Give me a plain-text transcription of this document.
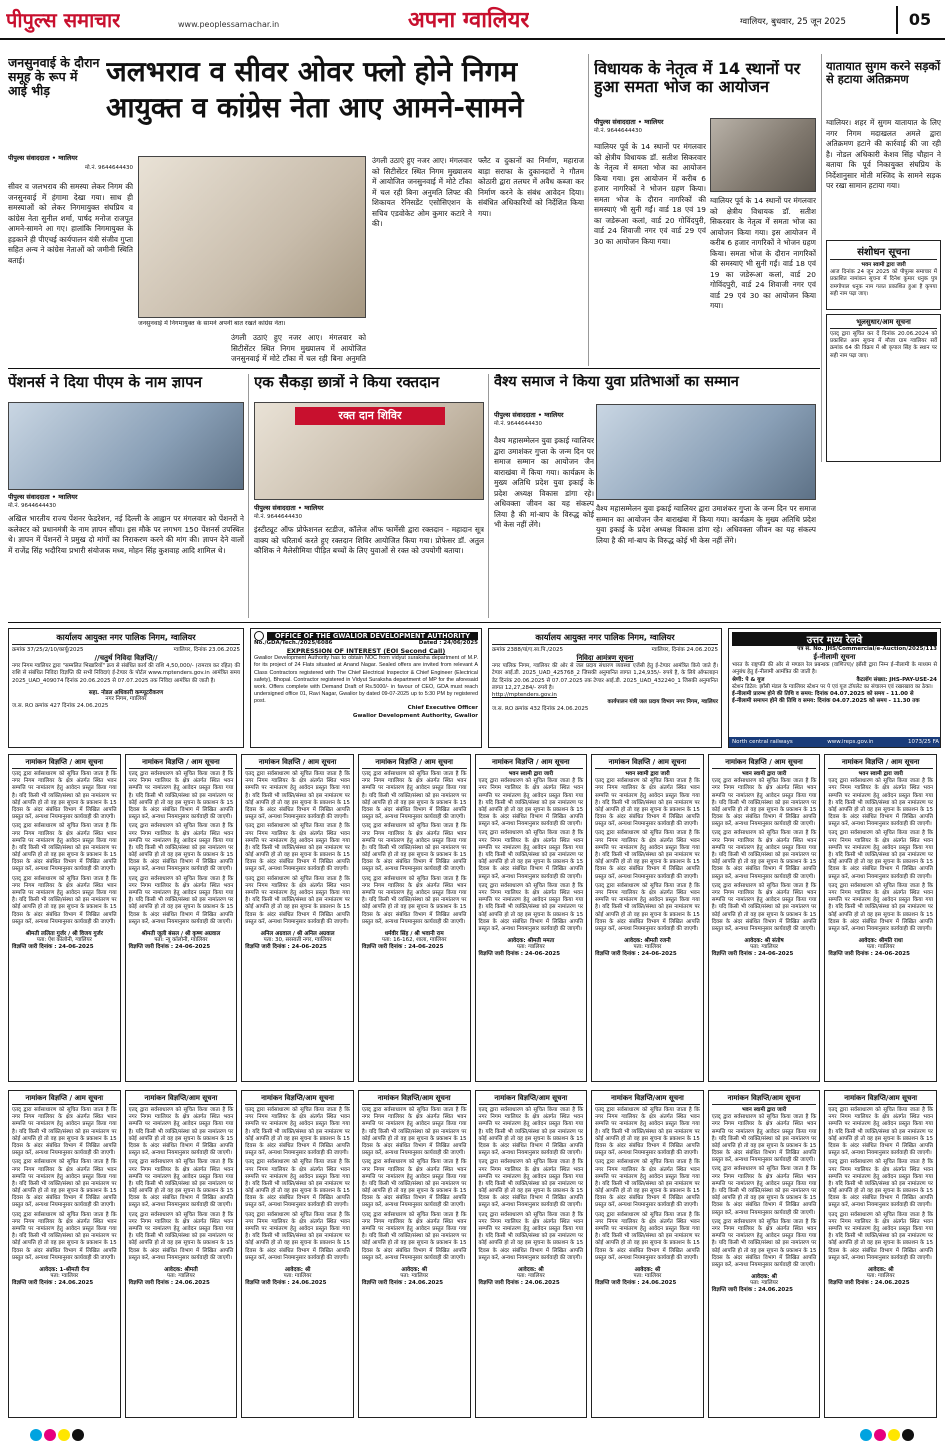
पीपुल्स समाचार	www.peoplessamachar.in	अपना ग्वालियर	ग्वालियर, बुधवार, 25 जून 2025	05
जनसुनवाई के दौरान समूह के रूप में आई भीड़
जलभराव व सीवर ओवर फ्लो होने निगम आयुक्त व कांग्रेस नेता आए आमने-सामने
पीपुल्स संवाददाता • ग्वालियर
मो.नं. 9644644430
सीवर व जलभराव की समस्या लेकर निगम की जनसुनवाई में हंगामा देखा गया। साथ ही समस्याओं को लेकर निगमायुक्त संघप्रिय व कांग्रेस नेता सुनील शर्मा, पार्षद मनोज राजपूत आमने-सामने आ गए। हालांकि निगमायुक्त के हड़काने ही पीएचई कार्यपालन यंत्री संजीव गुप्ता सहित अन्य ने कांग्रेस नेताओं को जमीनी स्थिति बताई।
जनसुनवाई में निगमायुक्त के सामने अपनी बात रखते कांग्रेस नेता।
उंगली उठाएं हुए नजर आए। मंगलवार को सिटीसेंटर स्थित निगम मुख्यालय में आयोजित जनसुनवाई में मोटे टाँका में चल रही बिना अनुमति
उंगली उठाएं हुए नजर आए। मंगलवार को सिटीसेंटर स्थित निगम मुख्यालय में आयोजित जनसुनवाई में मोटे टाँका में चल रही बिना अनुमति लिफ्ट की शिकायत रेनिसडेंट एसोसिएशन के सचिव एडवोकेट ओम कुमार कटारे ने की।
फ्लैट व दुकानों का निर्माण, महाराज बाड़ा सराफा के दुकानदारों ने गौतम कोठारी द्वारा तलघर में अवैध कब्जा कर निर्माण करने के संबंध आवेदन दिया। संबंधित अधिकारियों को निर्देशित किया गया।
विधायक के नेतृत्व में 14 स्थानों पर हुआ समता भोज का आयोजन
पीपुल्स संवाददाता • ग्वालियर
मो.नं. 9644644430
ग्वालियर पूर्व के 14 स्थानों पर मंगलवार को क्षेत्रीय विधायक डॉ. सतीश सिकरवार के नेतृत्व में समता भोज का आयोजन किया गया। इस आयोजन में करीब 6 हजार नागरिकों ने भोजन ग्रहण किया। समता भोज के दौरान नागरिकों की समस्याएं भी सुनी गईं। वार्ड 18 एवं 19 का जडेरूआ कलां, वार्ड 20 गोविंदपुरी, वार्ड 24 शिवाजी नगर एवं वार्ड 29 एवं 30 का आयोजन किया गया।
ग्वालियर पूर्व के 14 स्थानों पर मंगलवार को क्षेत्रीय विधायक डॉ. सतीश सिकरवार के नेतृत्व में समता भोज का आयोजन किया गया। इस आयोजन में करीब 6 हजार नागरिकों ने भोजन ग्रहण किया। समता भोज के दौरान नागरिकों की समस्याएं भी सुनी गईं। वार्ड 18 एवं 19 का जडेरूआ कलां, वार्ड 20 गोविंदपुरी, वार्ड 24 शिवाजी नगर एवं वार्ड 29 एवं 30 का आयोजन किया गया।
यातायात सुगम करने सड़कों से हटाया अतिक्रमण
ग्वालियर। शहर में सुगम यातायात के लिए नगर निगम मदाखलत अमले द्वारा अतिक्रमण हटाने की कार्रवाई की जा रही है। नोडल अधिकारी केशव सिंह चौहान ने बताया कि पूर्व निकायुक्त संघप्रिय के निर्देशानुसार मोती मस्जिद के सामने सड़क पर रखा सामान हटाया गया।
संशोधन सूचना
भवन स्वामी द्वारा जारी
आज दिनांक 24 जून 2025 को पीपुल्स समाचार में प्रकाशित नामांकन सूचना में दिनेश कुमार धनुक पुत्र रामगोपाल धनुक नाम गलत प्रकाशित हुआ है कृपया सही नाम पढ़ा जाए।
भूलसुधार/आम सूचना
एतद् द्वारा सूचित कर दें दिनांक 20.06.2024 को प्रकाशित आम सूचना में मौजा ग्राम ग्वालियर सर्वे क्रमांक 64 की विक्रय में श्री कृपाल सिंह के स्थान पर सही नाम पढ़ा जाए।
पेंशनर्स ने दिया पीएम के नाम ज्ञापन
पीपुल्स संवाददाता • ग्वालियर
मो.नं. 9644644430
अखिल भारतीय राज्य पेंशनर फेडरेशन, नई दिल्ली के आह्वान पर मंगलवार को पेंशनरों ने कलेक्टर को प्रधानमंत्री के नाम ज्ञापन सौंपा। इस मौके पर लगभग 150 पेंशनर्स उपस्थित थे। ज्ञापन में पेंशनरों ने प्रमुख दो मांगों का निराकरण करने की मांग की। ज्ञापन देने वालों में राजेंद्र सिंह भदौरिया प्रभारी संयोजक मध्य, मोहन सिंह कुशवाह आदि शामिल थे।
एक सैकड़ा छात्रों ने किया रक्तदान
रक्त दान शिविर
पीपुल्स संवाददाता • ग्वालियर
मो.नं. 9644644430
इंस्टीट्यूट ऑफ प्रोफेशनल स्टडीज, कॉलेज ऑफ फार्मेसी द्वारा रक्तदान - महादान सूत्र वाक्य को चरितार्थ करते हुए रक्तदान शिविर आयोजित किया गया। प्रोफेसर डॉ. अतुल कौशिक ने मैलेसीमिया पीड़ित बच्चों के लिए युवाओं से रक्त को उपयोगी बताया।
वैश्य समाज ने किया युवा प्रतिभाओं का सम्मान
पीपुल्स संवाददाता • ग्वालियर
मो.नं. 9644644430
वैश्य महासम्मेलन युवा इकाई ग्वालियर द्वारा उमाशंकर गुप्ता के जन्म दिन पर समाज सम्मान का आयोजन जैन बाराखंबा में किया गया। कार्यक्रम के मुख्य अतिथि प्रदेश युवा इकाई के प्रदेश अध्यक्ष विकास डांगा रहे। अधिवक्ता जीवन का यह संकल्प लिया है की मां-बाप के विरुद्ध कोई भी केस नहीं लेंगे।
वैश्य महासम्मेलन युवा इकाई ग्वालियर द्वारा उमाशंकर गुप्ता के जन्म दिन पर समाज सम्मान का आयोजन जैन बाराखंबा में किया गया। कार्यक्रम के मुख्य अतिथि प्रदेश युवा इकाई के प्रदेश अध्यक्ष विकास डांगा रहे। अधिवक्ता जीवन का यह संकल्प लिया है की मां-बाप के विरुद्ध कोई भी केस नहीं लेंगे।
कार्यालय आयुक्त नगर पालिक निगम, ग्वालियर
क्रमांक 37/25/2/10/कार्यू/2025	ग्वालियर, दिनांक 23.06.2025
//चतुर्थ निविदा विज्ञप्ति//
नगर निगम ग्वालियर द्वारा "सम्मलित भिखारियों" क्रय से संबंधित कार्य की राशि 4,50,000/- (रामरात्र कर रहित) की राशि से संबंधित निविदा विज्ञप्ति की सभी निविदाएं ई-टेण्डर के पोर्टल www.mptenders.gov.in आमंत्रित समय 2025_UAD_409074 दिनांक 20.06.2025 से 07.07.2025 तक निविदा आमंत्रित की जाती है।
सहा. नोडल अधिकारी कम्प्यूटरीकरण
नगर निगम, ग्वालियर
ज.स. RO क्रमांक 427 दिनांक 24.06.2025
OFFICE OF THE GWALIOR DEVELOPMENT AUTHORITY
No./GDA/Tech./2025/6086	Dated : 24/06/2025
EXPRESSION OF INTEREST (EOI Second Call)
Gwalior Development Authority has to obtain NOC from vidyut suraksha department of M.P. for its project of 24 Flats situated at Anand Nagar. Sealed offers are invited from relevant A Class Contractors registered with The Chief Electrical Inspector & Chief Engineer (Electrical safety), Bhopal. Contractor registered in Vidyut Suraksha department of MP for the aforesaid work. Offers complete with Demand Draft of Rs.5000/- in favour of CEO, GDA must reach undersigned office 01, Ravi Nagar, Gwalior by dated 09-07-2025 up to 5:30 PM by registered post.
Chief Executive Officer
Gwalior Development Authority, Gwalior
कार्यालय आयुक्त नगर पालिक निगम, ग्वालियर
क्रमांक 2388/यां/ए.सा.पि./2025	ग्वालियर, दिनांक 24.06.2025
निविदा आमंत्रण सूचना
नगर पालिक निगम, ग्वालियर की ओर से जल प्रदाय संधारण व्यवस्था एजेंसी हेतु ई-टेण्डर आमंत्रित किये जाते हैं। टेण्डर आई.डी. 2025_UAD_425768_2 जिसकी अनुमानित लागत 1,24,935/- रुपये है, के लिये ऑफलाइन डेट दिनांक 20.06.2025 से 07.07.2025 तक टेण्डर आई.डी. 2025_UAD_432240_1 जिसकी अनुमानित लागत 12,27,284/- रुपये है।
http://mptenders.gov.in
कार्यपालन यंत्री जल प्रदाय विभाग नगर निगम, ग्वालियर
ज.स. RO क्रमांक 432 दिनांक 24.06.2025
उत्तर मध्य रेलवे
पत्र सं. No. JHS/Commercial/e-Auction/2025/113
ई-नीलामी सूचना
भारत के राष्ट्रपति की ओर से मण्डल रेल प्रबन्धक (वाणिज्य)/ झाँसी द्वारा निम्न ई-नीलामी के माध्यम से अनुबंध हेतु ई-नीलामी आमंत्रित की जाती है।
श्रेणी: पे & यूज	कैटलॉग संख्या: JHS-PAY-USE-24
स्टेशन डिटेल: झाँसी मंडल के ग्वालियर स्टेशन पर पे एवं यूज टॉयलेट का संचालन एवं रखरखाव का ठेका।
ई-नीलामी प्रारम्भ होने की तिथि व समय: दिनांक 04.07.2025 को समय - 11.00 से
ई-नीलामी समापन होने की तिथि व समय: दिनांक 04.07.2025 को समय - 11.30 तक
North central railways	www.ireps.gov.in	1073/25 FA
नामांकन विज्ञप्ति / आम सूचना
एतद् द्वारा सर्वसाधारण को सूचित किया जाता है कि नगर निगम ग्वालियर के क्षेत्र अंतर्गत स्थित भवन सम्पत्ति पर नामांतरण हेतु आवेदन प्रस्तुत किया गया है। यदि किसी भी व्यक्ति/संस्था को इस नामांतरण पर कोई आपत्ति हो तो वह इस सूचना के प्रकाशन के 15 दिवस के अंदर संबंधित विभाग में लिखित आपत्ति प्रस्तुत करें, अन्यथा नियमानुसार कार्यवाही की जाएगी।
एतद् द्वारा सर्वसाधारण को सूचित किया जाता है कि नगर निगम ग्वालियर के क्षेत्र अंतर्गत स्थित भवन सम्पत्ति पर नामांतरण हेतु आवेदन प्रस्तुत किया गया है। यदि किसी भी व्यक्ति/संस्था को इस नामांतरण पर कोई आपत्ति हो तो वह इस सूचना के प्रकाशन के 15 दिवस के अंदर संबंधित विभाग में लिखित आपत्ति प्रस्तुत करें, अन्यथा नियमानुसार कार्यवाही की जाएगी।
एतद् द्वारा सर्वसाधारण को सूचित किया जाता है कि नगर निगम ग्वालियर के क्षेत्र अंतर्गत स्थित भवन सम्पत्ति पर नामांतरण हेतु आवेदन प्रस्तुत किया गया है। यदि किसी भी व्यक्ति/संस्था को इस नामांतरण पर कोई आपत्ति हो तो वह इस सूचना के प्रकाशन के 15 दिवस के अंदर संबंधित विभाग में लिखित आपत्ति प्रस्तुत करें, अन्यथा नियमानुसार कार्यवाही की जाएगी।
श्रीमती ललिता गुर्जर / श्री विजय गुर्जर
पता: ऐश कॉलोनी, ग्वालियर
विज्ञप्ति जारी दिनांक : 24-06-2025
नामांकन विज्ञप्ति / आम सूचना
एतद् द्वारा सर्वसाधारण को सूचित किया जाता है कि नगर निगम ग्वालियर के क्षेत्र अंतर्गत स्थित भवन सम्पत्ति पर नामांतरण हेतु आवेदन प्रस्तुत किया गया है। यदि किसी भी व्यक्ति/संस्था को इस नामांतरण पर कोई आपत्ति हो तो वह इस सूचना के प्रकाशन के 15 दिवस के अंदर संबंधित विभाग में लिखित आपत्ति प्रस्तुत करें, अन्यथा नियमानुसार कार्यवाही की जाएगी।
एतद् द्वारा सर्वसाधारण को सूचित किया जाता है कि नगर निगम ग्वालियर के क्षेत्र अंतर्गत स्थित भवन सम्पत्ति पर नामांतरण हेतु आवेदन प्रस्तुत किया गया है। यदि किसी भी व्यक्ति/संस्था को इस नामांतरण पर कोई आपत्ति हो तो वह इस सूचना के प्रकाशन के 15 दिवस के अंदर संबंधित विभाग में लिखित आपत्ति प्रस्तुत करें, अन्यथा नियमानुसार कार्यवाही की जाएगी।
एतद् द्वारा सर्वसाधारण को सूचित किया जाता है कि नगर निगम ग्वालियर के क्षेत्र अंतर्गत स्थित भवन सम्पत्ति पर नामांतरण हेतु आवेदन प्रस्तुत किया गया है। यदि किसी भी व्यक्ति/संस्था को इस नामांतरण पर कोई आपत्ति हो तो वह इस सूचना के प्रकाशन के 15 दिवस के अंदर संबंधित विभाग में लिखित आपत्ति प्रस्तुत करें, अन्यथा नियमानुसार कार्यवाही की जाएगी।
श्रीमती जूली बंसल / श्री कृष्ण अग्रवाल
पता: न्यू कॉलोनी, ग्वालियर
विज्ञप्ति जारी दिनांक : 24-06-2025
नामांकन विज्ञप्ति / आम सूचना
एतद् द्वारा सर्वसाधारण को सूचित किया जाता है कि नगर निगम ग्वालियर के क्षेत्र अंतर्गत स्थित भवन सम्पत्ति पर नामांतरण हेतु आवेदन प्रस्तुत किया गया है। यदि किसी भी व्यक्ति/संस्था को इस नामांतरण पर कोई आपत्ति हो तो वह इस सूचना के प्रकाशन के 15 दिवस के अंदर संबंधित विभाग में लिखित आपत्ति प्रस्तुत करें, अन्यथा नियमानुसार कार्यवाही की जाएगी।
एतद् द्वारा सर्वसाधारण को सूचित किया जाता है कि नगर निगम ग्वालियर के क्षेत्र अंतर्गत स्थित भवन सम्पत्ति पर नामांतरण हेतु आवेदन प्रस्तुत किया गया है। यदि किसी भी व्यक्ति/संस्था को इस नामांतरण पर कोई आपत्ति हो तो वह इस सूचना के प्रकाशन के 15 दिवस के अंदर संबंधित विभाग में लिखित आपत्ति प्रस्तुत करें, अन्यथा नियमानुसार कार्यवाही की जाएगी।
एतद् द्वारा सर्वसाधारण को सूचित किया जाता है कि नगर निगम ग्वालियर के क्षेत्र अंतर्गत स्थित भवन सम्पत्ति पर नामांतरण हेतु आवेदन प्रस्तुत किया गया है। यदि किसी भी व्यक्ति/संस्था को इस नामांतरण पर कोई आपत्ति हो तो वह इस सूचना के प्रकाशन के 15 दिवस के अंदर संबंधित विभाग में लिखित आपत्ति प्रस्तुत करें, अन्यथा नियमानुसार कार्यवाही की जाएगी।
अनिल अग्रवाल / श्री अनिल अग्रवाल
पता: 30, सरस्वती नगर, ग्वालियर
विज्ञप्ति जारी दिनांक : 24-06-2025
नामांकन विज्ञप्ति / आम सूचना
एतद् द्वारा सर्वसाधारण को सूचित किया जाता है कि नगर निगम ग्वालियर के क्षेत्र अंतर्गत स्थित भवन सम्पत्ति पर नामांतरण हेतु आवेदन प्रस्तुत किया गया है। यदि किसी भी व्यक्ति/संस्था को इस नामांतरण पर कोई आपत्ति हो तो वह इस सूचना के प्रकाशन के 15 दिवस के अंदर संबंधित विभाग में लिखित आपत्ति प्रस्तुत करें, अन्यथा नियमानुसार कार्यवाही की जाएगी।
एतद् द्वारा सर्वसाधारण को सूचित किया जाता है कि नगर निगम ग्वालियर के क्षेत्र अंतर्गत स्थित भवन सम्पत्ति पर नामांतरण हेतु आवेदन प्रस्तुत किया गया है। यदि किसी भी व्यक्ति/संस्था को इस नामांतरण पर कोई आपत्ति हो तो वह इस सूचना के प्रकाशन के 15 दिवस के अंदर संबंधित विभाग में लिखित आपत्ति प्रस्तुत करें, अन्यथा नियमानुसार कार्यवाही की जाएगी।
एतद् द्वारा सर्वसाधारण को सूचित किया जाता है कि नगर निगम ग्वालियर के क्षेत्र अंतर्गत स्थित भवन सम्पत्ति पर नामांतरण हेतु आवेदन प्रस्तुत किया गया है। यदि किसी भी व्यक्ति/संस्था को इस नामांतरण पर कोई आपत्ति हो तो वह इस सूचना के प्रकाशन के 15 दिवस के अंदर संबंधित विभाग में लिखित आपत्ति प्रस्तुत करें, अन्यथा नियमानुसार कार्यवाही की जाएगी।
धर्मवीर सिंह / श्री भवानी राम
पता: 16-162, शाला, ग्वालियर
विज्ञप्ति जारी दिनांक : 24-06-2025
नामांकन विज्ञप्ति / आम सूचना
भवन स्वामी द्वारा जारी
एतद् द्वारा सर्वसाधारण को सूचित किया जाता है कि नगर निगम ग्वालियर के क्षेत्र अंतर्गत स्थित भवन सम्पत्ति पर नामांतरण हेतु आवेदन प्रस्तुत किया गया है। यदि किसी भी व्यक्ति/संस्था को इस नामांतरण पर कोई आपत्ति हो तो वह इस सूचना के प्रकाशन के 15 दिवस के अंदर संबंधित विभाग में लिखित आपत्ति प्रस्तुत करें, अन्यथा नियमानुसार कार्यवाही की जाएगी।
एतद् द्वारा सर्वसाधारण को सूचित किया जाता है कि नगर निगम ग्वालियर के क्षेत्र अंतर्गत स्थित भवन सम्पत्ति पर नामांतरण हेतु आवेदन प्रस्तुत किया गया है। यदि किसी भी व्यक्ति/संस्था को इस नामांतरण पर कोई आपत्ति हो तो वह इस सूचना के प्रकाशन के 15 दिवस के अंदर संबंधित विभाग में लिखित आपत्ति प्रस्तुत करें, अन्यथा नियमानुसार कार्यवाही की जाएगी।
एतद् द्वारा सर्वसाधारण को सूचित किया जाता है कि नगर निगम ग्वालियर के क्षेत्र अंतर्गत स्थित भवन सम्पत्ति पर नामांतरण हेतु आवेदन प्रस्तुत किया गया है। यदि किसी भी व्यक्ति/संस्था को इस नामांतरण पर कोई आपत्ति हो तो वह इस सूचना के प्रकाशन के 15 दिवस के अंदर संबंधित विभाग में लिखित आपत्ति प्रस्तुत करें, अन्यथा नियमानुसार कार्यवाही की जाएगी।
आवेदक: श्रीमती ममता
पता: ग्वालियर
विज्ञप्ति जारी दिनांक : 24-06-2025
नामांकन विज्ञप्ति / आम सूचना
भवन स्वामी द्वारा जारी
एतद् द्वारा सर्वसाधारण को सूचित किया जाता है कि नगर निगम ग्वालियर के क्षेत्र अंतर्गत स्थित भवन सम्पत्ति पर नामांतरण हेतु आवेदन प्रस्तुत किया गया है। यदि किसी भी व्यक्ति/संस्था को इस नामांतरण पर कोई आपत्ति हो तो वह इस सूचना के प्रकाशन के 15 दिवस के अंदर संबंधित विभाग में लिखित आपत्ति प्रस्तुत करें, अन्यथा नियमानुसार कार्यवाही की जाएगी।
एतद् द्वारा सर्वसाधारण को सूचित किया जाता है कि नगर निगम ग्वालियर के क्षेत्र अंतर्गत स्थित भवन सम्पत्ति पर नामांतरण हेतु आवेदन प्रस्तुत किया गया है। यदि किसी भी व्यक्ति/संस्था को इस नामांतरण पर कोई आपत्ति हो तो वह इस सूचना के प्रकाशन के 15 दिवस के अंदर संबंधित विभाग में लिखित आपत्ति प्रस्तुत करें, अन्यथा नियमानुसार कार्यवाही की जाएगी।
एतद् द्वारा सर्वसाधारण को सूचित किया जाता है कि नगर निगम ग्वालियर के क्षेत्र अंतर्गत स्थित भवन सम्पत्ति पर नामांतरण हेतु आवेदन प्रस्तुत किया गया है। यदि किसी भी व्यक्ति/संस्था को इस नामांतरण पर कोई आपत्ति हो तो वह इस सूचना के प्रकाशन के 15 दिवस के अंदर संबंधित विभाग में लिखित आपत्ति प्रस्तुत करें, अन्यथा नियमानुसार कार्यवाही की जाएगी।
आवेदक: श्रीमती रजनी
पता: ग्वालियर
विज्ञप्ति जारी दिनांक : 24-06-2025
नामांकन विज्ञप्ति / आम सूचना
भवन स्वामी द्वारा जारी
एतद् द्वारा सर्वसाधारण को सूचित किया जाता है कि नगर निगम ग्वालियर के क्षेत्र अंतर्गत स्थित भवन सम्पत्ति पर नामांतरण हेतु आवेदन प्रस्तुत किया गया है। यदि किसी भी व्यक्ति/संस्था को इस नामांतरण पर कोई आपत्ति हो तो वह इस सूचना के प्रकाशन के 15 दिवस के अंदर संबंधित विभाग में लिखित आपत्ति प्रस्तुत करें, अन्यथा नियमानुसार कार्यवाही की जाएगी।
एतद् द्वारा सर्वसाधारण को सूचित किया जाता है कि नगर निगम ग्वालियर के क्षेत्र अंतर्गत स्थित भवन सम्पत्ति पर नामांतरण हेतु आवेदन प्रस्तुत किया गया है। यदि किसी भी व्यक्ति/संस्था को इस नामांतरण पर कोई आपत्ति हो तो वह इस सूचना के प्रकाशन के 15 दिवस के अंदर संबंधित विभाग में लिखित आपत्ति प्रस्तुत करें, अन्यथा नियमानुसार कार्यवाही की जाएगी।
एतद् द्वारा सर्वसाधारण को सूचित किया जाता है कि नगर निगम ग्वालियर के क्षेत्र अंतर्गत स्थित भवन सम्पत्ति पर नामांतरण हेतु आवेदन प्रस्तुत किया गया है। यदि किसी भी व्यक्ति/संस्था को इस नामांतरण पर कोई आपत्ति हो तो वह इस सूचना के प्रकाशन के 15 दिवस के अंदर संबंधित विभाग में लिखित आपत्ति प्रस्तुत करें, अन्यथा नियमानुसार कार्यवाही की जाएगी।
आवेदक: श्री संतोष
पता: ग्वालियर
विज्ञप्ति जारी दिनांक : 24-06-2025
नामांकन विज्ञप्ति / आम सूचना
भवन स्वामी द्वारा जारी
एतद् द्वारा सर्वसाधारण को सूचित किया जाता है कि नगर निगम ग्वालियर के क्षेत्र अंतर्गत स्थित भवन सम्पत्ति पर नामांतरण हेतु आवेदन प्रस्तुत किया गया है। यदि किसी भी व्यक्ति/संस्था को इस नामांतरण पर कोई आपत्ति हो तो वह इस सूचना के प्रकाशन के 15 दिवस के अंदर संबंधित विभाग में लिखित आपत्ति प्रस्तुत करें, अन्यथा नियमानुसार कार्यवाही की जाएगी।
एतद् द्वारा सर्वसाधारण को सूचित किया जाता है कि नगर निगम ग्वालियर के क्षेत्र अंतर्गत स्थित भवन सम्पत्ति पर नामांतरण हेतु आवेदन प्रस्तुत किया गया है। यदि किसी भी व्यक्ति/संस्था को इस नामांतरण पर कोई आपत्ति हो तो वह इस सूचना के प्रकाशन के 15 दिवस के अंदर संबंधित विभाग में लिखित आपत्ति प्रस्तुत करें, अन्यथा नियमानुसार कार्यवाही की जाएगी।
एतद् द्वारा सर्वसाधारण को सूचित किया जाता है कि नगर निगम ग्वालियर के क्षेत्र अंतर्गत स्थित भवन सम्पत्ति पर नामांतरण हेतु आवेदन प्रस्तुत किया गया है। यदि किसी भी व्यक्ति/संस्था को इस नामांतरण पर कोई आपत्ति हो तो वह इस सूचना के प्रकाशन के 15 दिवस के अंदर संबंधित विभाग में लिखित आपत्ति प्रस्तुत करें, अन्यथा नियमानुसार कार्यवाही की जाएगी।
आवेदक: श्रीमति राधा
पता: ग्वालियर
विज्ञप्ति जारी दिनांक : 24-06-2025
नामांकन विज्ञप्ति / आम सूचना
एतद् द्वारा सर्वसाधारण को सूचित किया जाता है कि नगर निगम ग्वालियर के क्षेत्र अंतर्गत स्थित भवन सम्पत्ति पर नामांतरण हेतु आवेदन प्रस्तुत किया गया है। यदि किसी भी व्यक्ति/संस्था को इस नामांतरण पर कोई आपत्ति हो तो वह इस सूचना के प्रकाशन के 15 दिवस के अंदर संबंधित विभाग में लिखित आपत्ति प्रस्तुत करें, अन्यथा नियमानुसार कार्यवाही की जाएगी।
एतद् द्वारा सर्वसाधारण को सूचित किया जाता है कि नगर निगम ग्वालियर के क्षेत्र अंतर्गत स्थित भवन सम्पत्ति पर नामांतरण हेतु आवेदन प्रस्तुत किया गया है। यदि किसी भी व्यक्ति/संस्था को इस नामांतरण पर कोई आपत्ति हो तो वह इस सूचना के प्रकाशन के 15 दिवस के अंदर संबंधित विभाग में लिखित आपत्ति प्रस्तुत करें, अन्यथा नियमानुसार कार्यवाही की जाएगी।
एतद् द्वारा सर्वसाधारण को सूचित किया जाता है कि नगर निगम ग्वालियर के क्षेत्र अंतर्गत स्थित भवन सम्पत्ति पर नामांतरण हेतु आवेदन प्रस्तुत किया गया है। यदि किसी भी व्यक्ति/संस्था को इस नामांतरण पर कोई आपत्ति हो तो वह इस सूचना के प्रकाशन के 15 दिवस के अंदर संबंधित विभाग में लिखित आपत्ति प्रस्तुत करें, अन्यथा नियमानुसार कार्यवाही की जाएगी।
आवेदक: 1-श्रीमती रीना
पता: ग्वालियर
विज्ञप्ति जारी दिनांक : 24.06.2025
नामांकन विज्ञप्ति/आम सूचना
एतद् द्वारा सर्वसाधारण को सूचित किया जाता है कि नगर निगम ग्वालियर के क्षेत्र अंतर्गत स्थित भवन सम्पत्ति पर नामांतरण हेतु आवेदन प्रस्तुत किया गया है। यदि किसी भी व्यक्ति/संस्था को इस नामांतरण पर कोई आपत्ति हो तो वह इस सूचना के प्रकाशन के 15 दिवस के अंदर संबंधित विभाग में लिखित आपत्ति प्रस्तुत करें, अन्यथा नियमानुसार कार्यवाही की जाएगी।
एतद् द्वारा सर्वसाधारण को सूचित किया जाता है कि नगर निगम ग्वालियर के क्षेत्र अंतर्गत स्थित भवन सम्पत्ति पर नामांतरण हेतु आवेदन प्रस्तुत किया गया है। यदि किसी भी व्यक्ति/संस्था को इस नामांतरण पर कोई आपत्ति हो तो वह इस सूचना के प्रकाशन के 15 दिवस के अंदर संबंधित विभाग में लिखित आपत्ति प्रस्तुत करें, अन्यथा नियमानुसार कार्यवाही की जाएगी।
एतद् द्वारा सर्वसाधारण को सूचित किया जाता है कि नगर निगम ग्वालियर के क्षेत्र अंतर्गत स्थित भवन सम्पत्ति पर नामांतरण हेतु आवेदन प्रस्तुत किया गया है। यदि किसी भी व्यक्ति/संस्था को इस नामांतरण पर कोई आपत्ति हो तो वह इस सूचना के प्रकाशन के 15 दिवस के अंदर संबंधित विभाग में लिखित आपत्ति प्रस्तुत करें, अन्यथा नियमानुसार कार्यवाही की जाएगी।
आवेदक: श्रीमती
पता: ग्वालियर
विज्ञप्ति जारी दिनांक : 24.06.2025
नामांकन विज्ञप्ति/आम सूचना
एतद् द्वारा सर्वसाधारण को सूचित किया जाता है कि नगर निगम ग्वालियर के क्षेत्र अंतर्गत स्थित भवन सम्पत्ति पर नामांतरण हेतु आवेदन प्रस्तुत किया गया है। यदि किसी भी व्यक्ति/संस्था को इस नामांतरण पर कोई आपत्ति हो तो वह इस सूचना के प्रकाशन के 15 दिवस के अंदर संबंधित विभाग में लिखित आपत्ति प्रस्तुत करें, अन्यथा नियमानुसार कार्यवाही की जाएगी।
एतद् द्वारा सर्वसाधारण को सूचित किया जाता है कि नगर निगम ग्वालियर के क्षेत्र अंतर्गत स्थित भवन सम्पत्ति पर नामांतरण हेतु आवेदन प्रस्तुत किया गया है। यदि किसी भी व्यक्ति/संस्था को इस नामांतरण पर कोई आपत्ति हो तो वह इस सूचना के प्रकाशन के 15 दिवस के अंदर संबंधित विभाग में लिखित आपत्ति प्रस्तुत करें, अन्यथा नियमानुसार कार्यवाही की जाएगी।
एतद् द्वारा सर्वसाधारण को सूचित किया जाता है कि नगर निगम ग्वालियर के क्षेत्र अंतर्गत स्थित भवन सम्पत्ति पर नामांतरण हेतु आवेदन प्रस्तुत किया गया है। यदि किसी भी व्यक्ति/संस्था को इस नामांतरण पर कोई आपत्ति हो तो वह इस सूचना के प्रकाशन के 15 दिवस के अंदर संबंधित विभाग में लिखित आपत्ति प्रस्तुत करें, अन्यथा नियमानुसार कार्यवाही की जाएगी।
आवेदक: श्री
पता: ग्वालियर
विज्ञप्ति जारी दिनांक : 24.06.2025
नामांकन विज्ञप्ति/आम सूचना
एतद् द्वारा सर्वसाधारण को सूचित किया जाता है कि नगर निगम ग्वालियर के क्षेत्र अंतर्गत स्थित भवन सम्पत्ति पर नामांतरण हेतु आवेदन प्रस्तुत किया गया है। यदि किसी भी व्यक्ति/संस्था को इस नामांतरण पर कोई आपत्ति हो तो वह इस सूचना के प्रकाशन के 15 दिवस के अंदर संबंधित विभाग में लिखित आपत्ति प्रस्तुत करें, अन्यथा नियमानुसार कार्यवाही की जाएगी।
एतद् द्वारा सर्वसाधारण को सूचित किया जाता है कि नगर निगम ग्वालियर के क्षेत्र अंतर्गत स्थित भवन सम्पत्ति पर नामांतरण हेतु आवेदन प्रस्तुत किया गया है। यदि किसी भी व्यक्ति/संस्था को इस नामांतरण पर कोई आपत्ति हो तो वह इस सूचना के प्रकाशन के 15 दिवस के अंदर संबंधित विभाग में लिखित आपत्ति प्रस्तुत करें, अन्यथा नियमानुसार कार्यवाही की जाएगी।
एतद् द्वारा सर्वसाधारण को सूचित किया जाता है कि नगर निगम ग्वालियर के क्षेत्र अंतर्गत स्थित भवन सम्पत्ति पर नामांतरण हेतु आवेदन प्रस्तुत किया गया है। यदि किसी भी व्यक्ति/संस्था को इस नामांतरण पर कोई आपत्ति हो तो वह इस सूचना के प्रकाशन के 15 दिवस के अंदर संबंधित विभाग में लिखित आपत्ति प्रस्तुत करें, अन्यथा नियमानुसार कार्यवाही की जाएगी।
आवेदक: श्री
पता: ग्वालियर
विज्ञप्ति जारी दिनांक : 24.06.2025
नामांकन विज्ञप्ति/आम सूचना
एतद् द्वारा सर्वसाधारण को सूचित किया जाता है कि नगर निगम ग्वालियर के क्षेत्र अंतर्गत स्थित भवन सम्पत्ति पर नामांतरण हेतु आवेदन प्रस्तुत किया गया है। यदि किसी भी व्यक्ति/संस्था को इस नामांतरण पर कोई आपत्ति हो तो वह इस सूचना के प्रकाशन के 15 दिवस के अंदर संबंधित विभाग में लिखित आपत्ति प्रस्तुत करें, अन्यथा नियमानुसार कार्यवाही की जाएगी।
एतद् द्वारा सर्वसाधारण को सूचित किया जाता है कि नगर निगम ग्वालियर के क्षेत्र अंतर्गत स्थित भवन सम्पत्ति पर नामांतरण हेतु आवेदन प्रस्तुत किया गया है। यदि किसी भी व्यक्ति/संस्था को इस नामांतरण पर कोई आपत्ति हो तो वह इस सूचना के प्रकाशन के 15 दिवस के अंदर संबंधित विभाग में लिखित आपत्ति प्रस्तुत करें, अन्यथा नियमानुसार कार्यवाही की जाएगी।
एतद् द्वारा सर्वसाधारण को सूचित किया जाता है कि नगर निगम ग्वालियर के क्षेत्र अंतर्गत स्थित भवन सम्पत्ति पर नामांतरण हेतु आवेदन प्रस्तुत किया गया है। यदि किसी भी व्यक्ति/संस्था को इस नामांतरण पर कोई आपत्ति हो तो वह इस सूचना के प्रकाशन के 15 दिवस के अंदर संबंधित विभाग में लिखित आपत्ति प्रस्तुत करें, अन्यथा नियमानुसार कार्यवाही की जाएगी।
आवेदक: श्री
पता: ग्वालियर
विज्ञप्ति जारी दिनांक : 24.06.2025
नामांकन विज्ञप्ति/आम सूचना
एतद् द्वारा सर्वसाधारण को सूचित किया जाता है कि नगर निगम ग्वालियर के क्षेत्र अंतर्गत स्थित भवन सम्पत्ति पर नामांतरण हेतु आवेदन प्रस्तुत किया गया है। यदि किसी भी व्यक्ति/संस्था को इस नामांतरण पर कोई आपत्ति हो तो वह इस सूचना के प्रकाशन के 15 दिवस के अंदर संबंधित विभाग में लिखित आपत्ति प्रस्तुत करें, अन्यथा नियमानुसार कार्यवाही की जाएगी।
एतद् द्वारा सर्वसाधारण को सूचित किया जाता है कि नगर निगम ग्वालियर के क्षेत्र अंतर्गत स्थित भवन सम्पत्ति पर नामांतरण हेतु आवेदन प्रस्तुत किया गया है। यदि किसी भी व्यक्ति/संस्था को इस नामांतरण पर कोई आपत्ति हो तो वह इस सूचना के प्रकाशन के 15 दिवस के अंदर संबंधित विभाग में लिखित आपत्ति प्रस्तुत करें, अन्यथा नियमानुसार कार्यवाही की जाएगी।
एतद् द्वारा सर्वसाधारण को सूचित किया जाता है कि नगर निगम ग्वालियर के क्षेत्र अंतर्गत स्थित भवन सम्पत्ति पर नामांतरण हेतु आवेदन प्रस्तुत किया गया है। यदि किसी भी व्यक्ति/संस्था को इस नामांतरण पर कोई आपत्ति हो तो वह इस सूचना के प्रकाशन के 15 दिवस के अंदर संबंधित विभाग में लिखित आपत्ति प्रस्तुत करें, अन्यथा नियमानुसार कार्यवाही की जाएगी।
आवेदक: श्री
पता: ग्वालियर
विज्ञप्ति जारी दिनांक : 24.06.2025
नामांकन विज्ञप्ति/आम सूचना
भवन स्वामी द्वारा जारी
एतद् द्वारा सर्वसाधारण को सूचित किया जाता है कि नगर निगम ग्वालियर के क्षेत्र अंतर्गत स्थित भवन सम्पत्ति पर नामांतरण हेतु आवेदन प्रस्तुत किया गया है। यदि किसी भी व्यक्ति/संस्था को इस नामांतरण पर कोई आपत्ति हो तो वह इस सूचना के प्रकाशन के 15 दिवस के अंदर संबंधित विभाग में लिखित आपत्ति प्रस्तुत करें, अन्यथा नियमानुसार कार्यवाही की जाएगी।
एतद् द्वारा सर्वसाधारण को सूचित किया जाता है कि नगर निगम ग्वालियर के क्षेत्र अंतर्गत स्थित भवन सम्पत्ति पर नामांतरण हेतु आवेदन प्रस्तुत किया गया है। यदि किसी भी व्यक्ति/संस्था को इस नामांतरण पर कोई आपत्ति हो तो वह इस सूचना के प्रकाशन के 15 दिवस के अंदर संबंधित विभाग में लिखित आपत्ति प्रस्तुत करें, अन्यथा नियमानुसार कार्यवाही की जाएगी।
एतद् द्वारा सर्वसाधारण को सूचित किया जाता है कि नगर निगम ग्वालियर के क्षेत्र अंतर्गत स्थित भवन सम्पत्ति पर नामांतरण हेतु आवेदन प्रस्तुत किया गया है। यदि किसी भी व्यक्ति/संस्था को इस नामांतरण पर कोई आपत्ति हो तो वह इस सूचना के प्रकाशन के 15 दिवस के अंदर संबंधित विभाग में लिखित आपत्ति प्रस्तुत करें, अन्यथा नियमानुसार कार्यवाही की जाएगी।
आवेदक: श्री
पता: ग्वालियर
विज्ञप्ति जारी दिनांक : 24.06.2025
नामांकन विज्ञप्ति/आम सूचना
एतद् द्वारा सर्वसाधारण को सूचित किया जाता है कि नगर निगम ग्वालियर के क्षेत्र अंतर्गत स्थित भवन सम्पत्ति पर नामांतरण हेतु आवेदन प्रस्तुत किया गया है। यदि किसी भी व्यक्ति/संस्था को इस नामांतरण पर कोई आपत्ति हो तो वह इस सूचना के प्रकाशन के 15 दिवस के अंदर संबंधित विभाग में लिखित आपत्ति प्रस्तुत करें, अन्यथा नियमानुसार कार्यवाही की जाएगी।
एतद् द्वारा सर्वसाधारण को सूचित किया जाता है कि नगर निगम ग्वालियर के क्षेत्र अंतर्गत स्थित भवन सम्पत्ति पर नामांतरण हेतु आवेदन प्रस्तुत किया गया है। यदि किसी भी व्यक्ति/संस्था को इस नामांतरण पर कोई आपत्ति हो तो वह इस सूचना के प्रकाशन के 15 दिवस के अंदर संबंधित विभाग में लिखित आपत्ति प्रस्तुत करें, अन्यथा नियमानुसार कार्यवाही की जाएगी।
एतद् द्वारा सर्वसाधारण को सूचित किया जाता है कि नगर निगम ग्वालियर के क्षेत्र अंतर्गत स्थित भवन सम्पत्ति पर नामांतरण हेतु आवेदन प्रस्तुत किया गया है। यदि किसी भी व्यक्ति/संस्था को इस नामांतरण पर कोई आपत्ति हो तो वह इस सूचना के प्रकाशन के 15 दिवस के अंदर संबंधित विभाग में लिखित आपत्ति प्रस्तुत करें, अन्यथा नियमानुसार कार्यवाही की जाएगी।
आवेदक: श्री
पता: ग्वालियर
विज्ञप्ति जारी दिनांक : 24.06.2025
